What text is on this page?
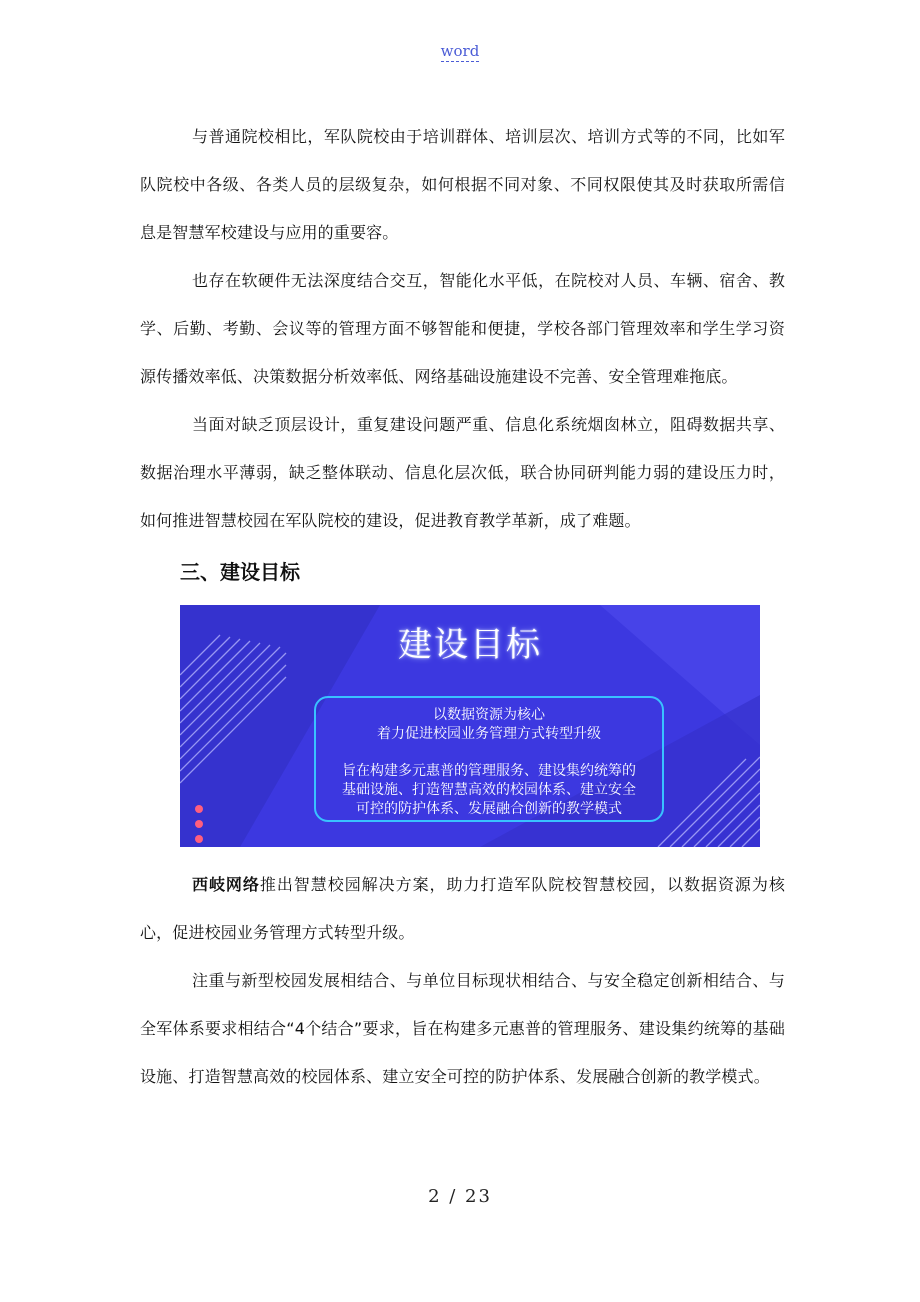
word

与普通院校相比，军队院校由于培训群体、培训层次、培训方式等的不同，比如军队院校中各级、各类人员的层级复杂，如何根据不同对象、不同权限使其及时获取所需信息是智慧军校建设与应用的重要容。

也存在软硬件无法深度结合交互，智能化水平低，在院校对人员、车辆、宿舍、教学、后勤、考勤、会议等的管理方面不够智能和便捷，学校各部门管理效率和学生学习资源传播效率低、决策数据分析效率低、网络基础设施建设不完善、安全管理难拖底。

当面对缺乏顶层设计，重复建设问题严重、信息化系统烟囱林立，阻碍数据共享、数据治理水平薄弱，缺乏整体联动、信息化层次低，联合协同研判能力弱的建设压力时，如何推进智慧校园在军队院校的建设，促进教育教学革新，成了难题。

三、建设目标
建设目标
以数据资源为核心
着力促进校园业务管理方式转型升级
旨在构建多元惠普的管理服务、建设集约统筹的
基础设施、打造智慧高效的校园体系、建立安全
可控的防护体系、发展融合创新的教学模式

西岐网络推出智慧校园解决方案，助力打造军队院校智慧校园，以数据资源为核心，促进校园业务管理方式转型升级。

注重与新型校园发展相结合、与单位目标现状相结合、与安全稳定创新相结合、与全军体系要求相结合“4个结合”要求，旨在构建多元惠普的管理服务、建设集约统筹的基础设施、打造智慧高效的校园体系、建立安全可控的防护体系、发展融合创新的教学模式。

2 / 23
